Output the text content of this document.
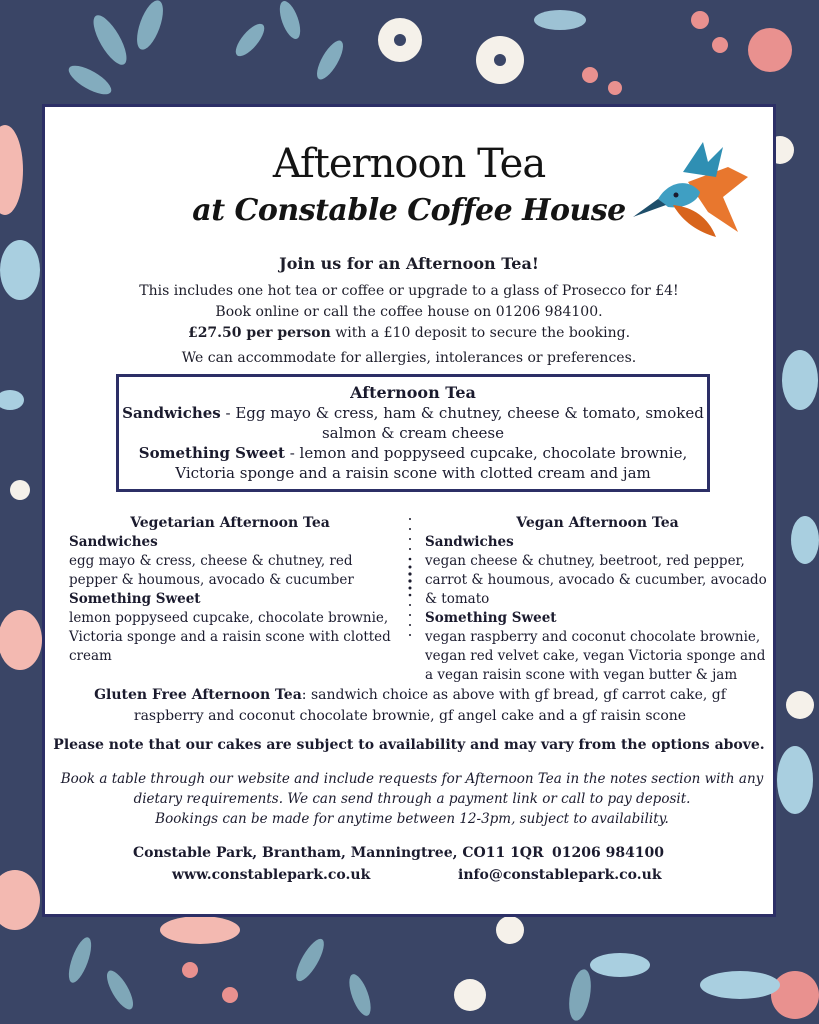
Afternoon Tea
at Constable Coffee House
Join us for an Afternoon Tea!
This includes one hot tea or coffee or upgrade to a glass of Prosecco for £4!
Book online or call the coffee house on 01206 984100.
£27.50 per person with a £10 deposit to secure the booking.
We can accommodate for allergies, intolerances or preferences.
Afternoon Tea
Sandwiches - Egg mayo & cress, ham & chutney, cheese & tomato, smoked salmon & cream cheese
Something Sweet - lemon and poppyseed cupcake, chocolate brownie, Victoria sponge and a raisin scone with clotted cream and jam
Vegetarian Afternoon Tea
Sandwiches
egg mayo & cress, cheese & chutney, red pepper & houmous, avocado & cucumber
Something Sweet
lemon poppyseed cupcake, chocolate brownie, Victoria sponge and a raisin scone with clotted cream
Vegan Afternoon Tea
Sandwiches
vegan cheese & chutney, beetroot, red pepper, carrot & houmous, avocado & cucumber, avocado & tomato
Something Sweet
vegan raspberry and coconut chocolate brownie, vegan red velvet cake, vegan Victoria sponge and a vegan raisin scone with vegan butter & jam
Gluten Free Afternoon Tea: sandwich choice as above with gf bread, gf carrot cake, gf raspberry and coconut chocolate brownie, gf angel cake and a gf raisin scone
Please note that our cakes are subject to availability and may vary from the options above.
Book a table through our website and include requests for Afternoon Tea in the notes section with any
dietary requirements. We can send through a payment link or call to pay deposit.
Bookings can be made for anytime between 12-3pm, subject to availability.
Constable Park, Brantham, Manningtree, CO11 1QR 01206 984100
www.constablepark.co.uk	info@constablepark.co.uk
